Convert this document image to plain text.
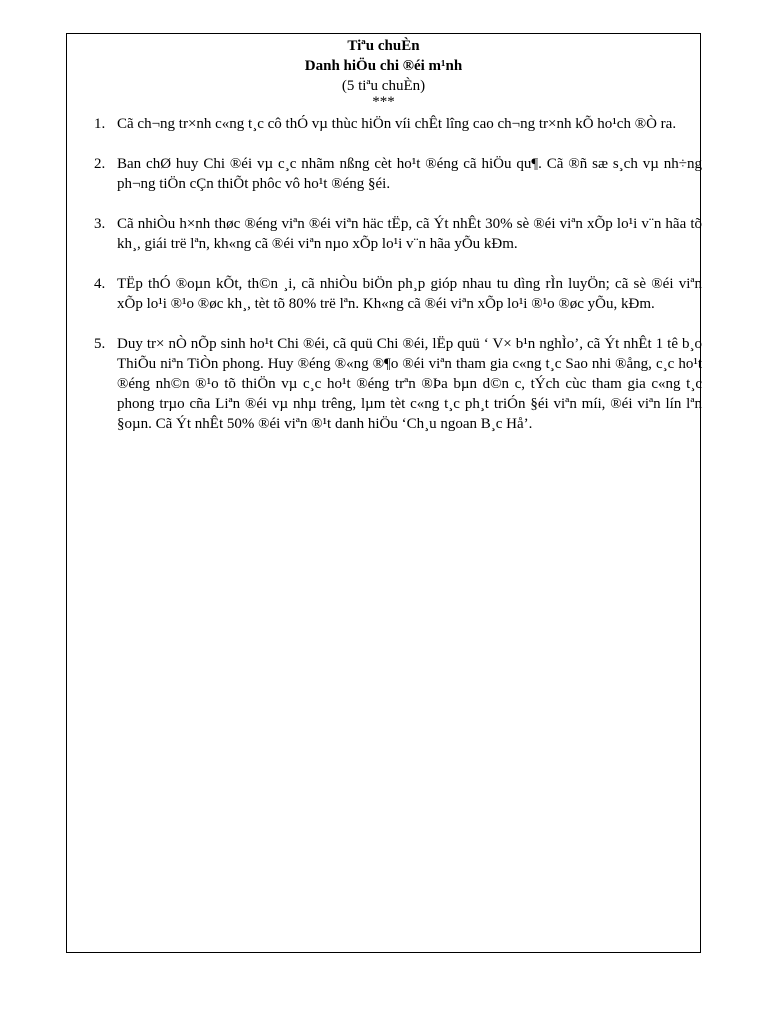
Tiªu chuÈn
Danh hiÖu chi ®éi m¹nh
(5 tiªu chuÈn)
***
1. Cã ch¬ng tr×nh c«ng t¸c cô thÓ vµ thùc hiÖn víi chÊt lîng cao ch¬ng tr×nh kÕ ho¹ch ®Ò ra.
2. Ban chØ huy Chi ®éi vµ c¸c nhãm nßng cèt ho¹t ®éng cã hiÖu qu¶. Cã ®ñ sæ s¸ch vµ nh÷ng ph¬ng tiÖn cÇn thiÕt phôc vô ho¹t ®éng §éi.
3. Cã nhiÒu h×nh thøc ®éng viªn ®éi viªn häc tËp, cã Ýt nhÊt 30% sè ®éi viªn xÕp lo¹i v¨n hãa tõ kh¸, giái trë lªn, kh«ng cã ®éi viªn nµo xÕp lo¹i v¨n hãa yÕu kÐm.
4. TËp thÓ ®oµn kÕt, th©n ¸i, cã nhiÒu biÖn ph¸p gióp nhau tu dìng rÌn luyÖn; cã sè ®éi viªn xÕp lo¹i ®¹o ®øc kh¸, tèt tõ 80% trë lªn. Kh«ng cã ®éi viªn xÕp lo¹i ®¹o ®øc yÕu, kÐm.
5. Duy tr× nÒ nÕp sinh ho¹t Chi ®éi, cã quü Chi ®éi, lËp quü ‘ V× b¹n nghÌo’, cã Ýt nhÊt 1 tê b¸o ThiÕu niªn TiÒn phong. Huy ®éng ®«ng ®¶o ®éi viªn tham gia c«ng t¸c Sao nhi ®ång, c¸c ho¹t ®éng nh©n ®¹o tõ thiÖn vµ c¸c ho¹t ®éng trªn ®Þa bµn d©n c, tÝch cùc tham gia c«ng t¸c phong trµo cña Liªn ®éi vµ nhµ trêng, lµm tèt c«ng t¸c ph¸t triÓn §éi viªn míi, ®éi viªn lín lªn §oµn. Cã Ýt nhÊt 50% ®éi viªn ®¹t danh hiÖu ‘Ch¸u ngoan B¸c Hå’.
